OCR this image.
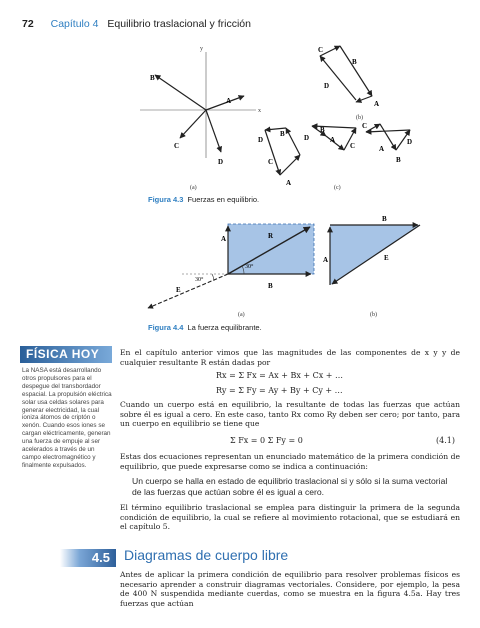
72 Capítulo 4 Equilibrio traslacional y fricción
y
x
B
A
C
D
C
B
D
A
D
B
C
A
D
B
A
C
C
A
B
D
(a)
(b)
(c)
Figura 4.3 Fuerzas en equilibrio.
A	R
B
E
30°
30°
A
B
E
(a)	(b)
Figura 4.4 La fuerza equilibrante.
FÍSICA HOY
La NASA está desarrollando otros propulsores para el despegue del transbordador espacial. La propulsión eléctrica solar usa celdas solares para generar electricidad, la cual ioniza átomos de criptón o xenón. Cuando esos iones se cargan eléctricamente, generan una fuerza de empuje al ser acelerados a través de un campo electromagnético y finalmente expulsados.
En el capítulo anterior vimos que las magnitudes de las componentes de x y y de cualquier resultante R están dadas por
Rx = Σ Fx = Ax + Bx + Cx + …
Ry = Σ Fy = Ay + By + Cy + …
Cuando un cuerpo está en equilibrio, la resultante de todas las fuerzas que actúan sobre él es igual a cero. En este caso, tanto Rx como Ry deben ser cero; por tanto, para un cuerpo en equilibrio se tiene que
Σ Fx = 0 Σ Fy = 0	(4.1)
Estas dos ecuaciones representan un enunciado matemático de la primera condición de equilibrio, que puede expresarse como se indica a continuación:
Un cuerpo se halla en estado de equilibrio traslacional si y sólo si la suma vectorial de las fuerzas que actúan sobre él es igual a cero.
El término equilibrio traslacional se emplea para distinguir la primera de la segunda condición de equilibrio, la cual se refiere al movimiento rotacional, que se estudiará en el capítulo 5.
4.5	Diagramas de cuerpo libre
Antes de aplicar la primera condición de equilibrio para resolver problemas físicos es necesario aprender a construir diagramas vectoriales. Considere, por ejemplo, la pesa de 400 N suspendida mediante cuerdas, como se muestra en la figura 4.5a. Hay tres fuerzas que actúan
